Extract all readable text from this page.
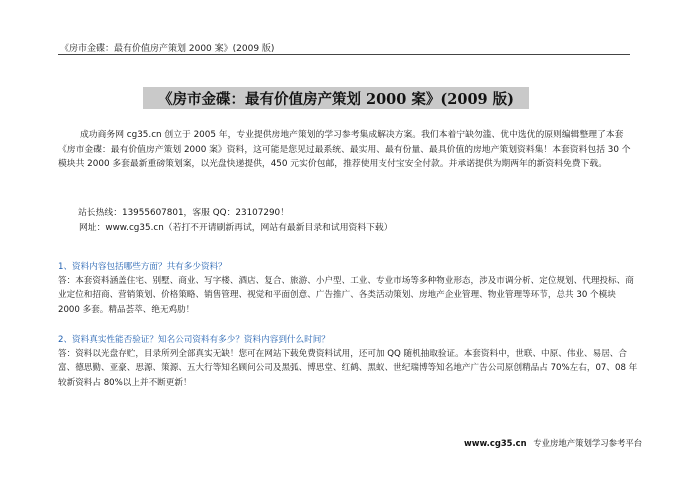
《房市金碟：最有价值房产策划 2000 案》(2009 版)
《房市金碟：最有价值房产策划 2000 案》(2009 版)

成功商务网 cg35.cn 创立于 2005 年，专业提供房地产策划的学习参考集成解决方案。我们本着宁缺勿滥、优中选优的原则编辑整理了本套《房市金碟：最有价值房产策划 2000 案》资料，这可能是您见过最系统、最实用、最有份量、最具价值的房地产策划资料集！本套资料包括 30 个模块共 2000 多套最新重磅策划案，以光盘快递提供，450 元实价包邮，推荐使用支付宝安全付款。并承诺提供为期两年的新资料免费下载。

站长热线：13955607801，客服 QQ：23107290！
网址：www.cg35.cn（若打不开请刷新再试，网站有最新目录和试用资料下载）
1、资料内容包括哪些方面？共有多少资料？
答：本套资料涵盖住宅、别墅、商业、写字楼、酒店、复合、旅游、小户型、工业、专业市场等多种物业形态，涉及市调分析、定位规划、代理投标、商业定位和招商、营销策划、价格策略、销售管理、视觉和平面创意、广告推广、各类活动策划、房地产企业管理、物业管理等环节，总共 30 个模块 2000 多套。精品荟萃、绝无鸡肋！
2、资料真实性能否验证？知名公司资料有多少？资料内容到什么时间？
答：资料以光盘存贮，目录所列全部真实无缺！您可在网站下载免费资料试用，还可加 QQ 随机抽取验证。本套资料中，世联、中原、伟业、易居、合富、德思勤、亚豪、思源、策源、五大行等知名顾问公司及黑弧、博思堂、红鹤、黑蚁、世纪瑞博等知名地产广告公司原创精品占 70%左右，07、08 年较新资料占 80%以上并不断更新！
www.cg35.cn 专业房地产策划学习参考平台
